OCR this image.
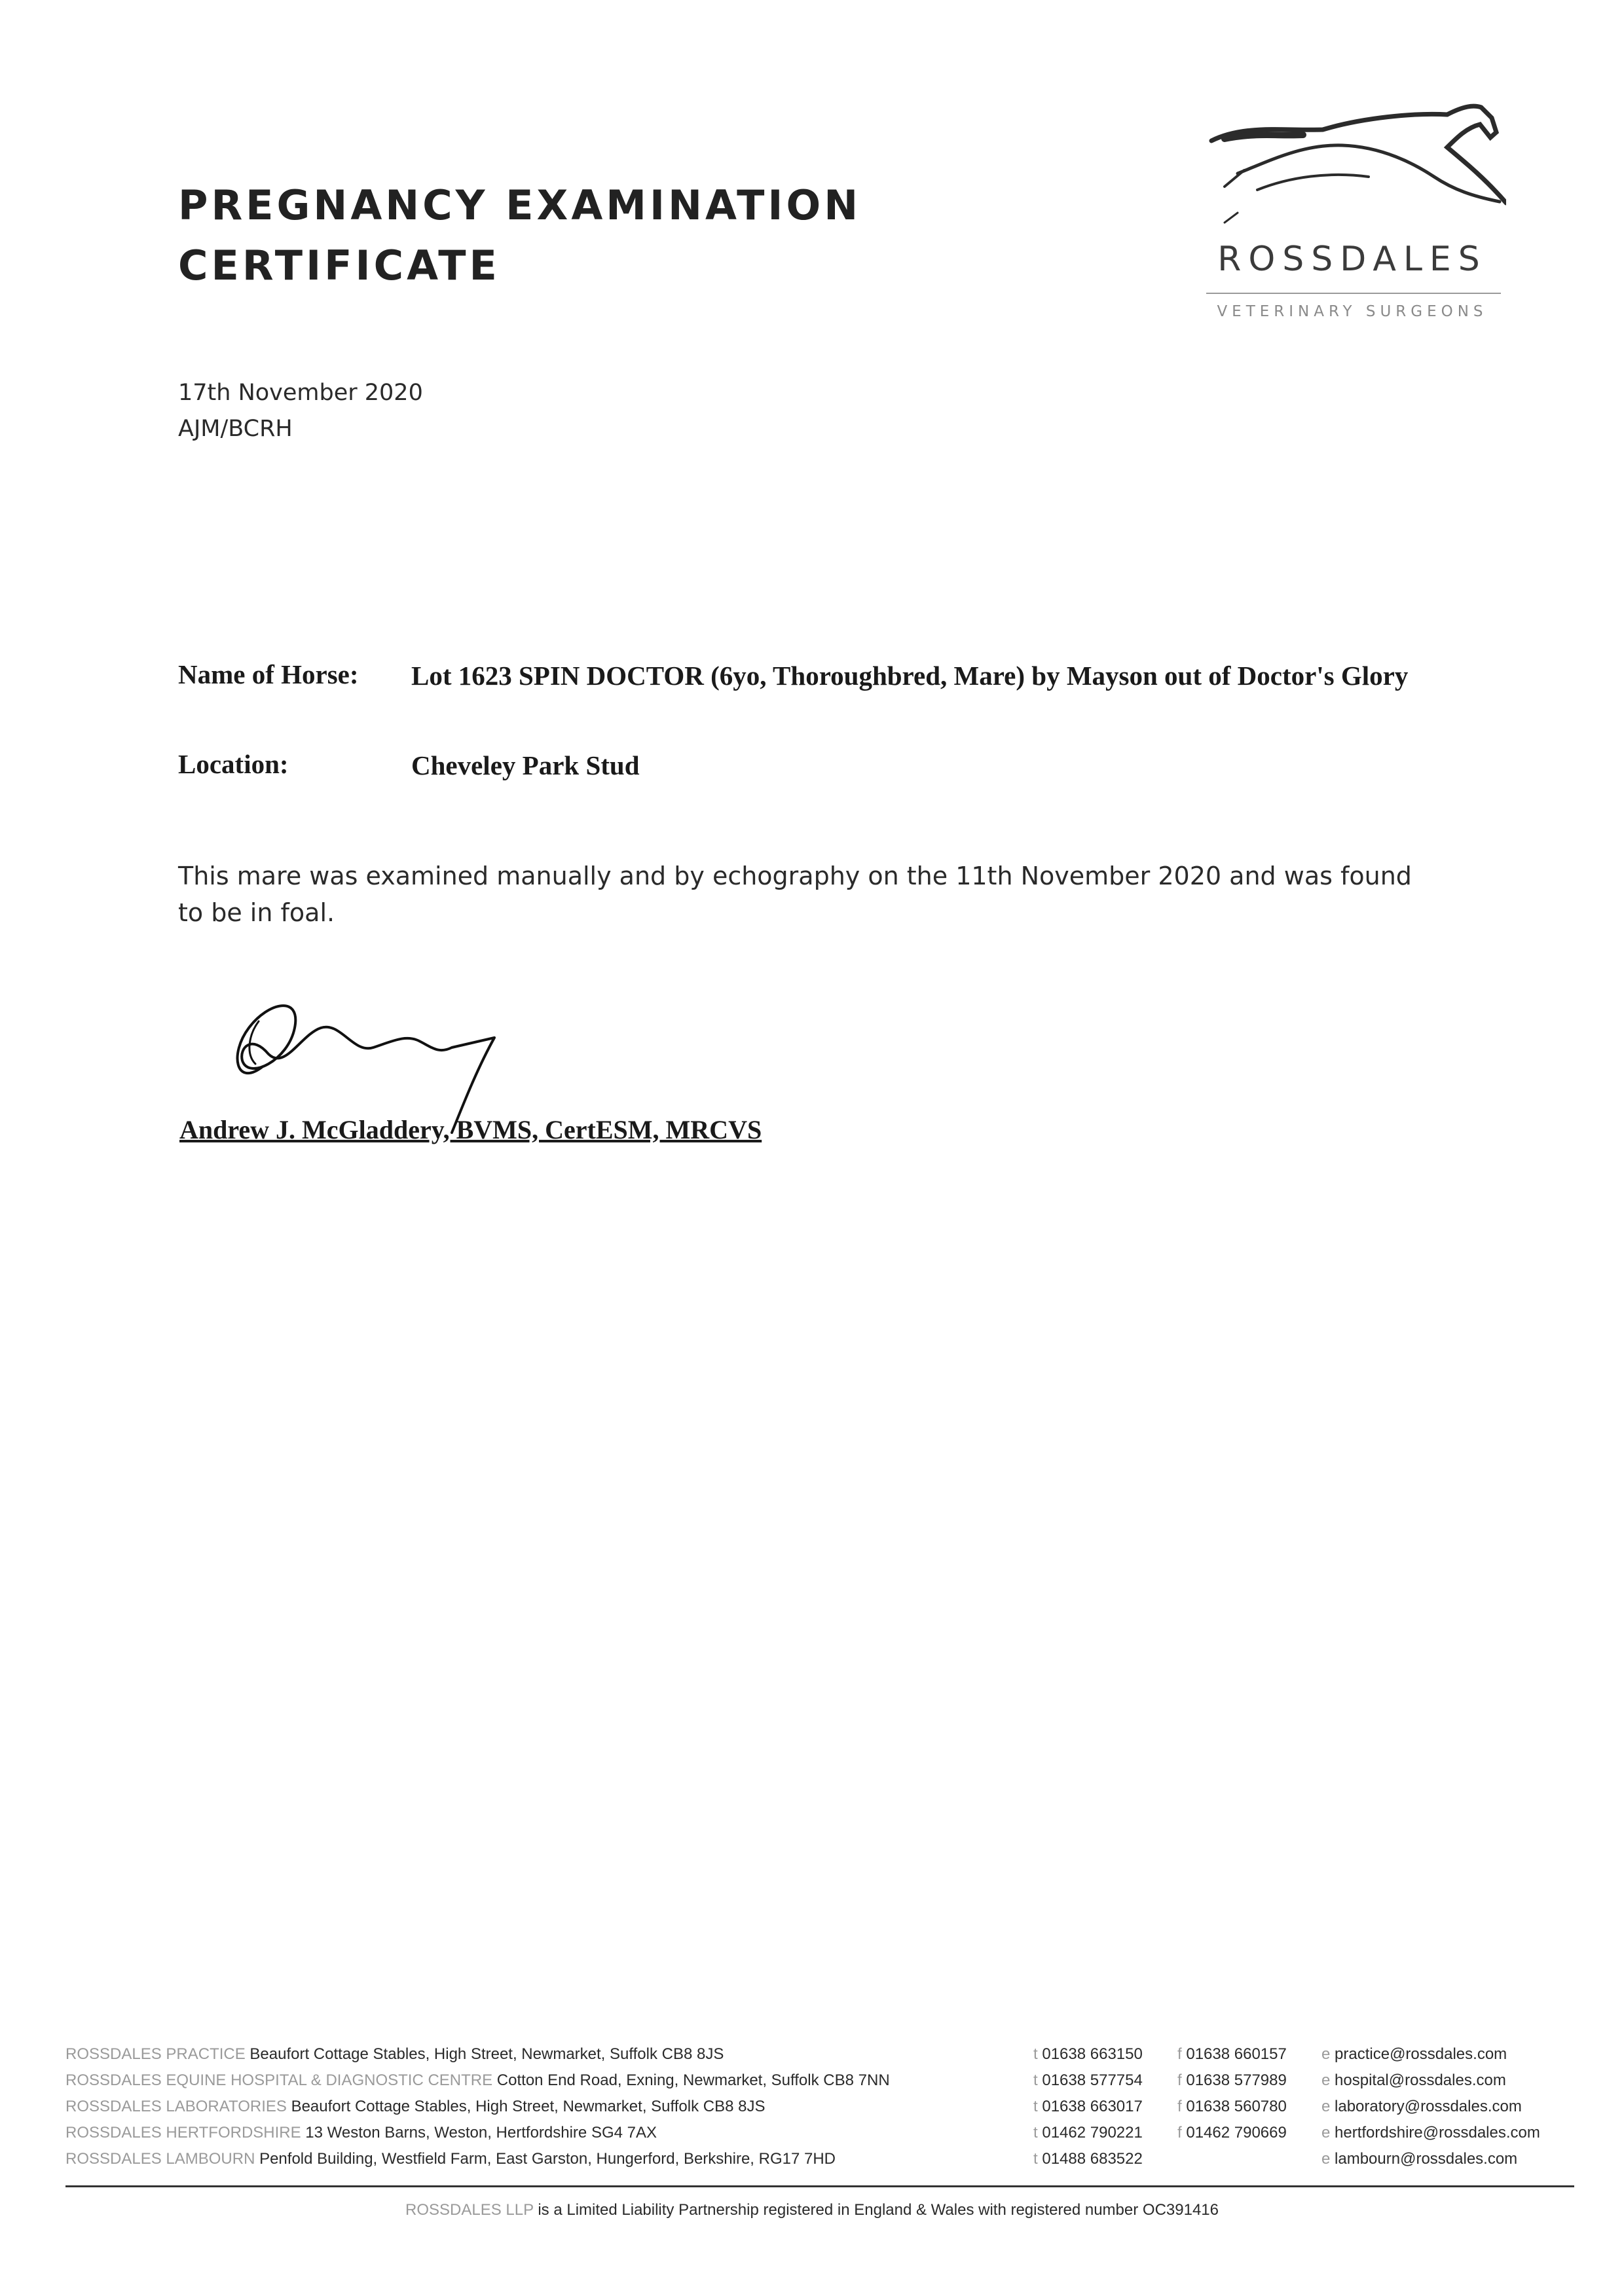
PREGNANCY EXAMINATION
CERTIFICATE	ROSSDALES
VETERINARY SURGEONS
17th November 2020
AJM/BCRH
Name of Horse: Lot 1623 SPIN DOCTOR (6yo, Thoroughbred, Mare) by Mayson out of Doctor's Glory
Location:	Cheveley Park Stud
This mare was examined manually and by echography on the 11th November 2020 and was found to be in foal.
Andrew J. McGladdery, BVMS, CertESM, MRCVS
ROSSDALES PRACTICE Beaufort Cottage Stables, High Street, Newmarket, Suffolk CB8 8JS	t 01638 663150 f 01638 660157 e practice@rossdales.com
ROSSDALES EQUINE HOSPITAL & DIAGNOSTIC CENTRE Cotton End Road, Exning, Newmarket, Suffolk CB8 7NN	t 01638 577754 f 01638 577989 e hospital@rossdales.com
ROSSDALES LABORATORIES Beaufort Cottage Stables, High Street, Newmarket, Suffolk CB8 8JS	t 01638 663017 f 01638 560780 e laboratory@rossdales.com
ROSSDALES HERTFORDSHIRE 13 Weston Barns, Weston, Hertfordshire SG4 7AX	t 01462 790221 f 01462 790669 e hertfordshire@rossdales.com
ROSSDALES LAMBOURN Penfold Building, Westfield Farm, East Garston, Hungerford, Berkshire, RG17 7HD	t 01488 683522	e lambourn@rossdales.com
ROSSDALES LLP is a Limited Liability Partnership registered in England & Wales with registered number OC391416
